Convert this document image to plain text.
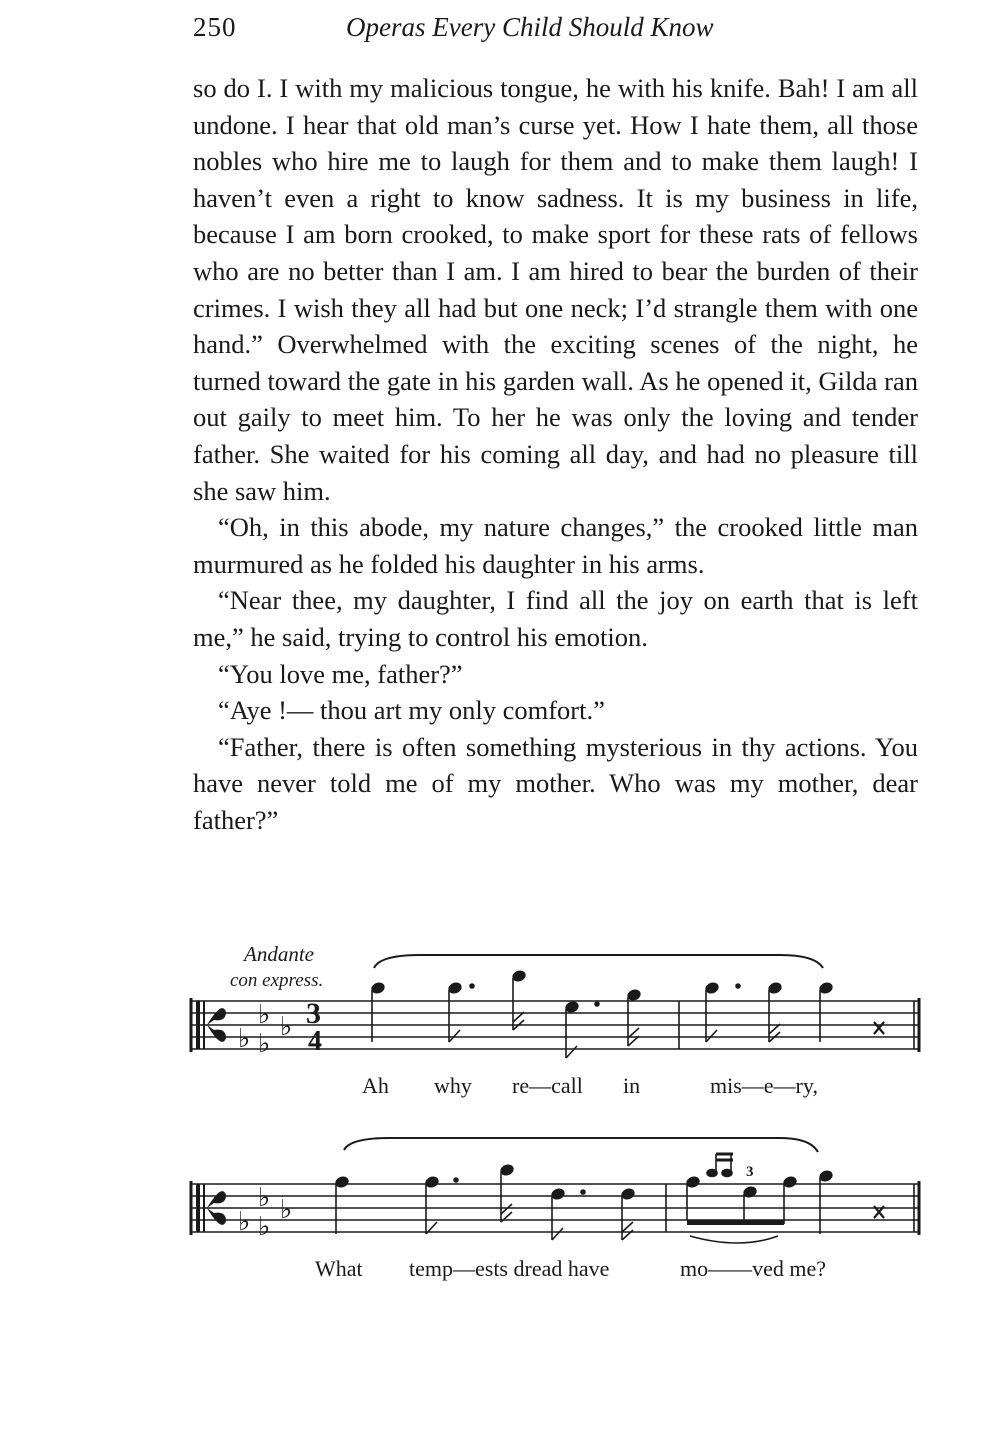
250	Operas Every Child Should Know

so do I. I with my malicious tongue, he with his knife. Bah! I am all undone. I hear that old man’s curse yet. How I hate them, all those nobles who hire me to laugh for them and to make them laugh! I haven’t even a right to know sadness. It is my business in life, because I am born crooked, to make sport for these rats of fellows who are no better than I am. I am hired to bear the burden of their crimes. I wish they all had but one neck; I’d strangle them with one hand.” Overwhelmed with the exciting scenes of the night, he turned toward the gate in his garden wall. As he opened it, Gilda ran out gaily to meet him. To her he was only the loving and tender father. She waited for his coming all day, and had no pleasure till she saw him.

“Oh, in this abode, my nature changes,” the crooked little man murmured as he folded his daughter in his arms.

“Near thee, my daughter, I find all the joy on earth that is left me,” he said, trying to control his emotion.

“You love me, father?”

“Aye !— thou art my only comfort.”

“Father, there is often something mysterious in thy actions. You have never told me of my mother. Who was my mother, dear father?”

Andante
con express.
♭ ♭
♭ ♭
♭ ♭
♭ ♭
3
4
3
Ah why re—call in	mis—e—ry,
What temp—ests dread have	mo——ved me?
